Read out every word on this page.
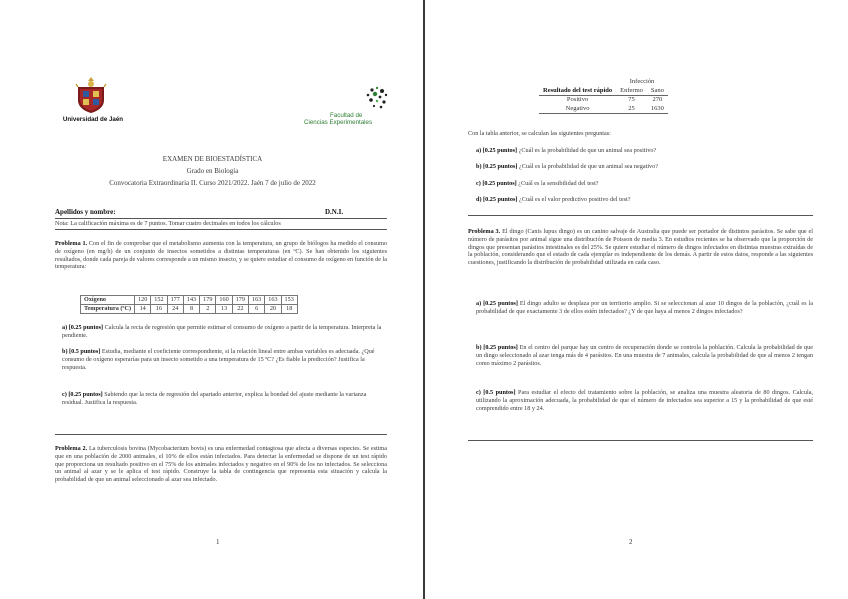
Universidad de Jaén
Facultad de
Ciencias Experimentales
EXAMEN DE BIOESTADÍSTICA
Grado en Biología
Convocatoria Extraordinaria II. Curso 2021/2022. Jaén 7 de julio de 2022
Apellidos y nombre:	D.N.I.
Nota: La calificación máxima es de 7 puntos. Tomar cuatro decimales en todos los cálculos
Problema 1. Con el fin de comprobar que el metabolismo aumenta con la temperatura, un grupo de biólogos ha medido el consumo de oxígeno (en mg/h) de un conjunto de insectos sometidos a distintas temperaturas (en ºC). Se han obtenido los siguientes resultados, donde cada pareja de valores corresponde a un mismo insecto, y se quiere estudiar el consumo de oxígeno en función de la temperatura:
Oxígeno	120	152	177	143	179	160	179	163	163	153
Temperatura (ºC)	14	16	24	8	2	13	22	6	20	18
a) [0.25 puntos] Calcula la recta de regresión que permite estimar el consumo de oxígeno a partir de la temperatura. Interpreta la pendiente.
b) [0.5 puntos] Estudia, mediante el coeficiente correspondiente, si la relación lineal entre ambas variables es adecuada. ¿Qué consumo de oxígeno esperarías para un insecto sometido a una temperatura de 15 ºC? ¿Es fiable la predicción? Justifica la respuesta.
c) [0.25 puntos] Sabiendo que la recta de regresión del apartado anterior, explica la bondad del ajuste mediante la varianza residual. Justifica la respuesta.
Problema 2. La tuberculosis bovina (Mycobacterium bovis) es una enfermedad contagiosa que afecta a diversas especies. Se estima que en una población de 2000 animales, el 10% de ellos están infectados. Para detectar la enfermedad se dispone de un test rápido que proporciona un resultado positivo en el 75% de los animales infectados y negativo en el 90% de los no infectados. Se selecciona un animal al azar y se le aplica el test rápido. Construye la tabla de contingencia que representa esta situación y calcula la probabilidad de que un animal seleccionado al azar sea infectado.
1
	Infección	
Resultado del test rápido	Enfermo	Sano
Positivo	75	270
Negativo	25	1630
Con la tabla anterior, se calculan las siguientes preguntas:
a) [0.25 puntos] ¿Cuál es la probabilidad de que un animal sea positivo?
b) [0.25 puntos] ¿Cuál es la probabilidad de que un animal sea negativo?
c) [0.25 puntos] ¿Cuál es la sensibilidad del test?
d) [0.25 puntos] ¿Cuál es el valor predictivo positivo del test?
Problema 3. El dingo (Canis lupus dingo) es un canino salvaje de Australia que puede ser portador de distintos parásitos. Se sabe que el número de parásitos por animal sigue una distribución de Poisson de media 3. En estudios recientes se ha observado que la proporción de dingos que presentan parásitos intestinales es del 25%. Se quiere estudiar el número de dingos infectados en distintas muestras extraídas de la población, considerando que el estado de cada ejemplar es independiente de los demás. A partir de estos datos, responde a las siguientes cuestiones, justificando la distribución de probabilidad utilizada en cada caso.
a) [0.25 puntos] El dingo adulto se desplaza por un territorio amplio. Si se seleccionan al azar 10 dingos de la población, ¿cuál es la probabilidad de que exactamente 3 de ellos estén infectados? ¿Y de que haya al menos 2 dingos infectados?
b) [0.25 puntos] En el centro del parque hay un centro de recuperación donde se controla la población. Calcula la probabilidad de que un dingo seleccionado al azar tenga más de 4 parásitos. En una muestra de 7 animales, calcula la probabilidad de que al menos 2 tengan como máximo 2 parásitos.
c) [0.5 puntos] Para estudiar el efecto del tratamiento sobre la población, se analiza una muestra aleatoria de 80 dingos. Calcula, utilizando la aproximación adecuada, la probabilidad de que el número de infectados sea superior a 15 y la probabilidad de que esté comprendido entre 18 y 24.
2
